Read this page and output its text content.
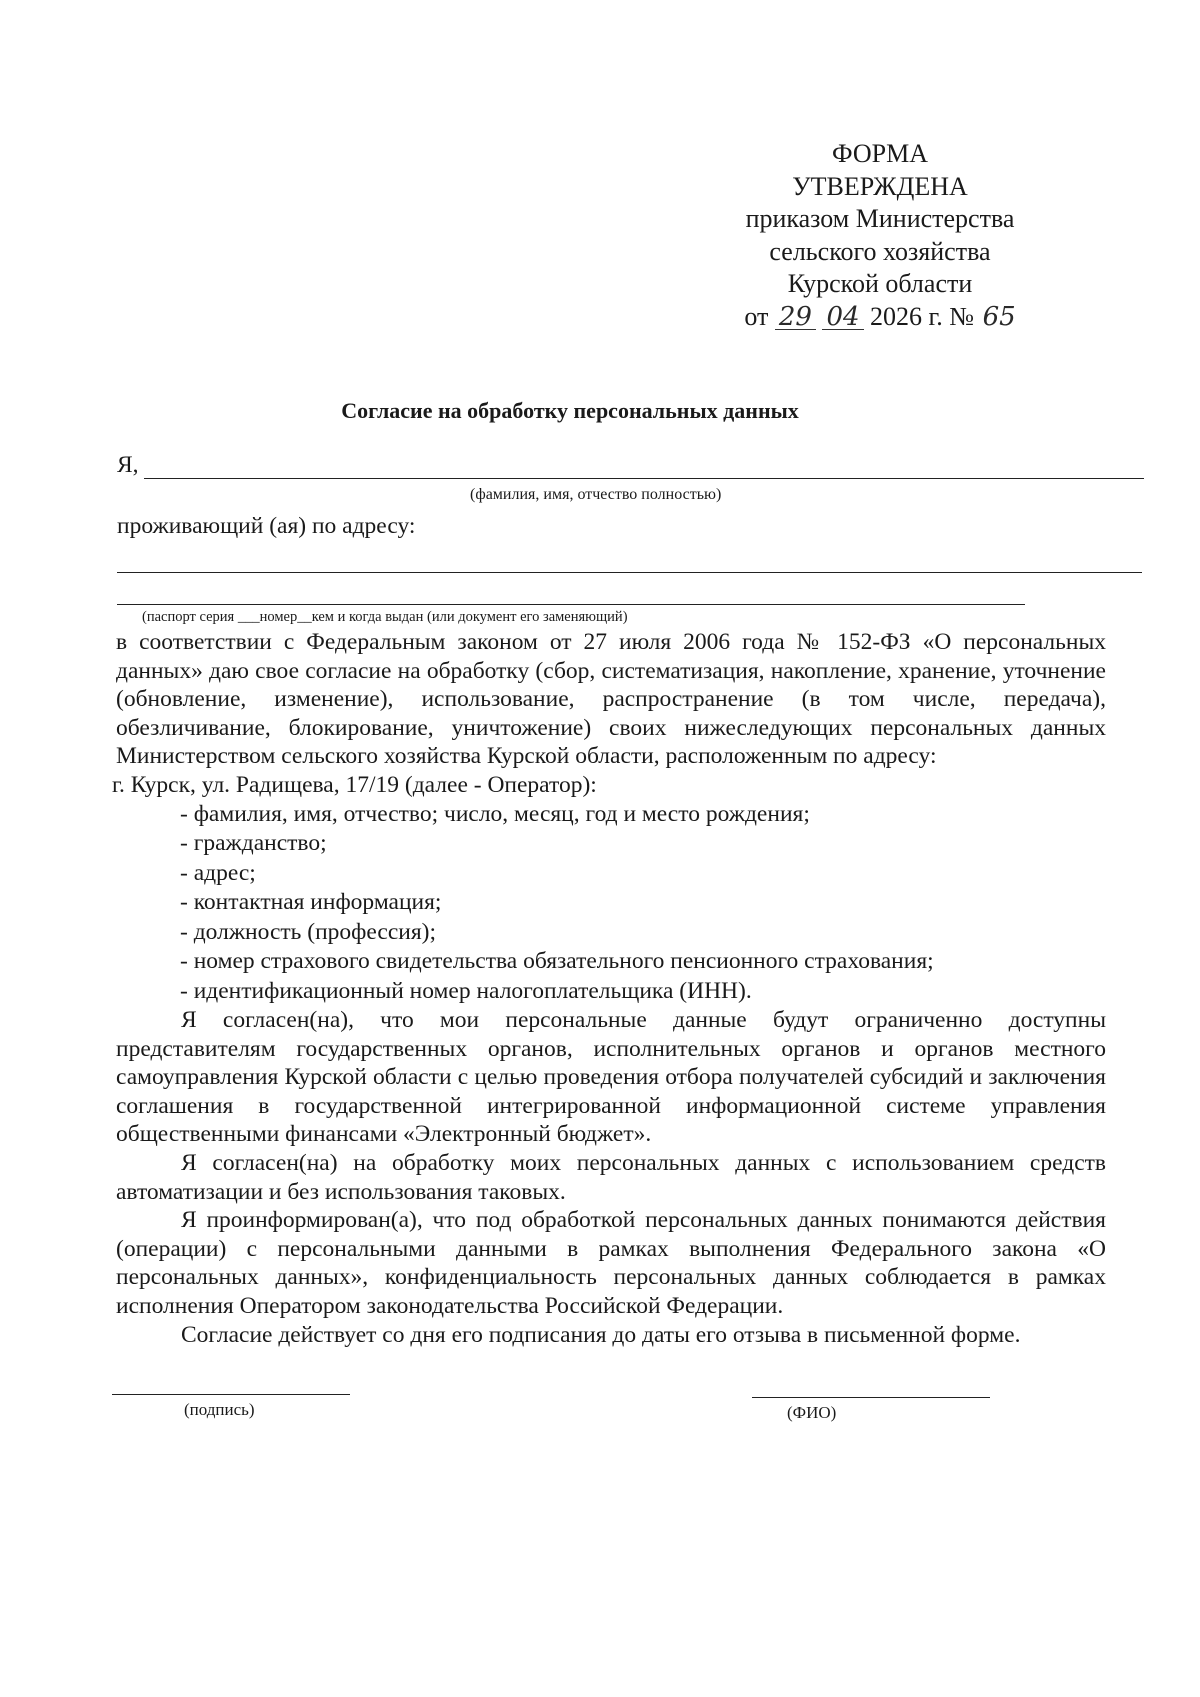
ФОРМА
УТВЕРЖДЕНА
приказом Министерства
сельского хозяйства
Курской области
от 29 04 2026 г. № 65
Согласие на обработку персональных данных
Я,
(фамилия, имя, отчество полностью)
проживающий (ая) по адресу:
(паспорт серия ___номер__кем и когда выдан (или документ его заменяющий)

в соответствии с Федеральным законом от 27 июля 2006 года № 152-ФЗ «О персональных данных» даю свое согласие на обработку (сбор, систематизация, накопление, хранение, уточнение (обновление, изменение), использование, распространение (в том числе, передача), обезличивание, блокирование, уничтожение) своих нижеследующих персональных данных Министерством сельского хозяйства Курской области, расположенным по адресу:

г. Курск, ул. Радищева, 17/19 (далее - Оператор):

- фамилия, имя, отчество; число, месяц, год и место рождения;
- гражданство;
- адрес;
- контактная информация;
- должность (профессия);
- номер страхового свидетельства обязательного пенсионного страхования;
- идентификационный номер налогоплательщика (ИНН).

Я согласен(на), что мои персональные данные будут ограниченно доступны представителям государственных органов, исполнительных органов и органов местного самоуправления Курской области с целью проведения отбора получателей субсидий и заключения соглашения в государственной интегрированной информационной системе управления общественными финансами «Электронный бюджет».

Я согласен(на) на обработку моих персональных данных с использованием средств автоматизации и без использования таковых.

Я проинформирован(а), что под обработкой персональных данных понимаются действия (операции) с персональными данными в рамках выполнения Федерального закона «О персональных данных», конфиденциальность персональных данных соблюдается в рамках исполнения Оператором законодательства Российской Федерации.

Согласие действует со дня его подписания до даты его отзыва в письменной форме.

(подпись)	(ФИО)
